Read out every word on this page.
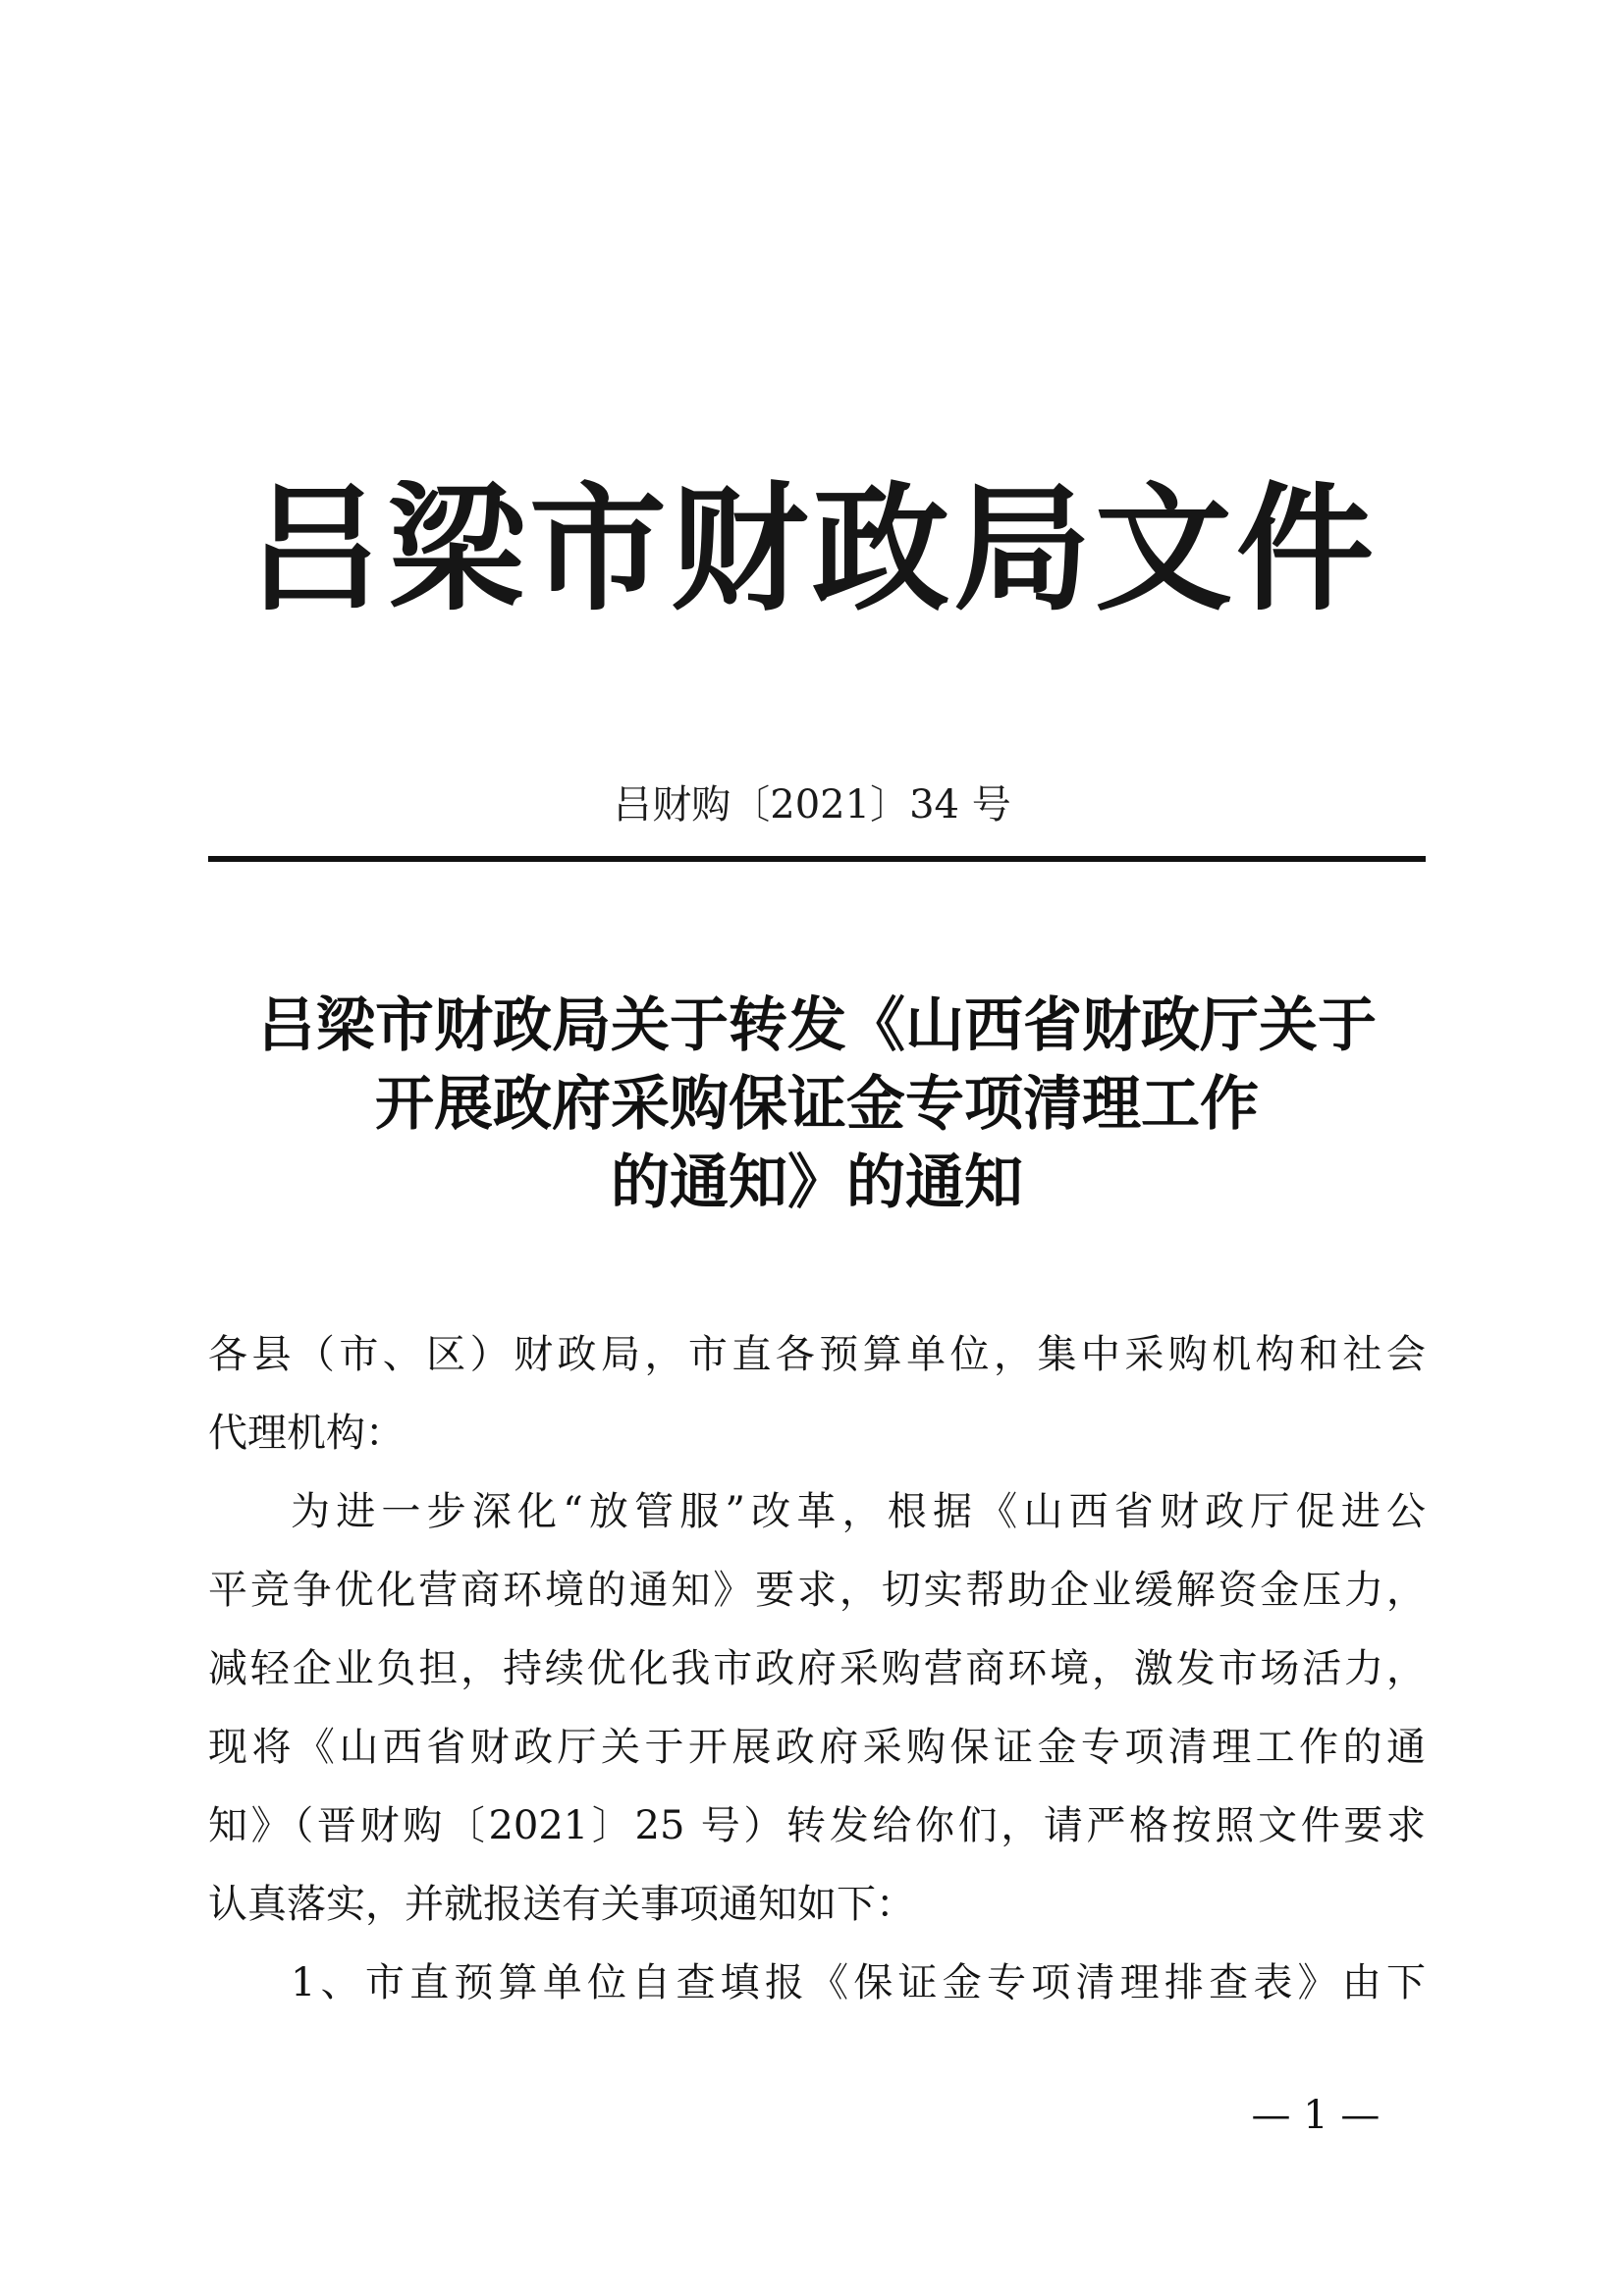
吕梁市财政局文件
吕财购〔2021〕34 号
吕梁市财政局关于转发《山西省财政厅关于
开展政府采购保证金专项清理工作
的通知》的通知
各县（市、区）财政局，市直各预算单位，集中采购机构和社会
代理机构：
为进一步深化“放管服”改革，根据《山西省财政厅促进公
平竞争优化营商环境的通知》要求，切实帮助企业缓解资金压力，
减轻企业负担，持续优化我市政府采购营商环境，激发市场活力，
现将《山西省财政厅关于开展政府采购保证金专项清理工作的通
知》（晋财购〔2021〕25 号）转发给你们，请严格按照文件要求
认真落实，并就报送有关事项通知如下：
1、市直预算单位自查填报《保证金专项清理排查表》由下
— 1 —
